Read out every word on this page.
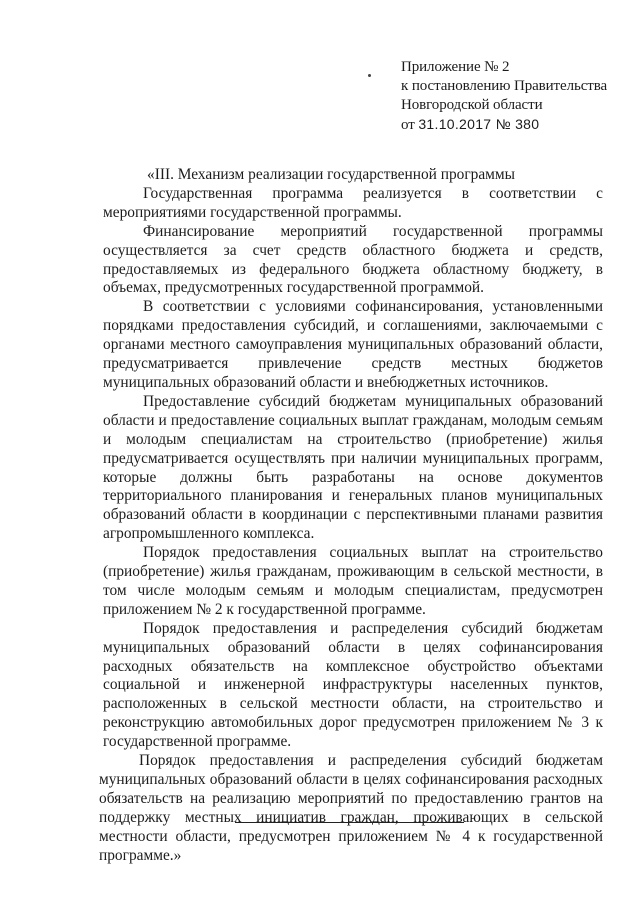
Приложение № 2
к постановлению Правительства
Новгородской области
от 31.10.2017 № 380
«III. Механизм реализации государственной программы

Государственная программа реализуется в соответствии с мероприятиями государственной программы.

Финансирование мероприятий государственной программы осуществляется за счет средств областного бюджета и средств, предоставляемых из федерального бюджета областному бюджету, в объемах, предусмотренных государственной программой.

В соответствии с условиями софинансирования, установленными порядками предоставления субсидий, и соглашениями, заключаемыми с органами местного самоуправления муниципальных образований области, предусматривается привлечение средств местных бюджетов муниципальных образований области и внебюджетных источников.

Предоставление субсидий бюджетам муниципальных образований области и предоставление социальных выплат гражданам, молодым семьям и молодым специалистам на строительство (приобретение) жилья предусматривается осуществлять при наличии муниципальных программ, которые должны быть разработаны на основе документов территориального планирования и генеральных планов муниципальных образований области в координации с перспективными планами развития агропромышленного комплекса.

Порядок предоставления социальных выплат на строительство (приобретение) жилья гражданам, проживающим в сельской местности, в том числе молодым семьям и молодым специалистам, предусмотрен приложением № 2 к государственной программе.

Порядок предоставления и распределения субсидий бюджетам муниципальных образований области в целях софинансирования расходных обязательств на комплексное обустройство объектами социальной и инженерной инфраструктуры населенных пунктов, расположенных в сельской местности области, на строительство и реконструкцию автомобильных дорог предусмотрен приложением № 3 к государственной программе.

Порядок предоставления и распределения субсидий бюджетам муниципальных образований области в целях софинансирования расходных обязательств на реализацию мероприятий по предоставлению грантов на поддержку местных инициатив граждан, проживающих в сельской местности области, предусмотрен приложением № 4 к государственной программе.»
